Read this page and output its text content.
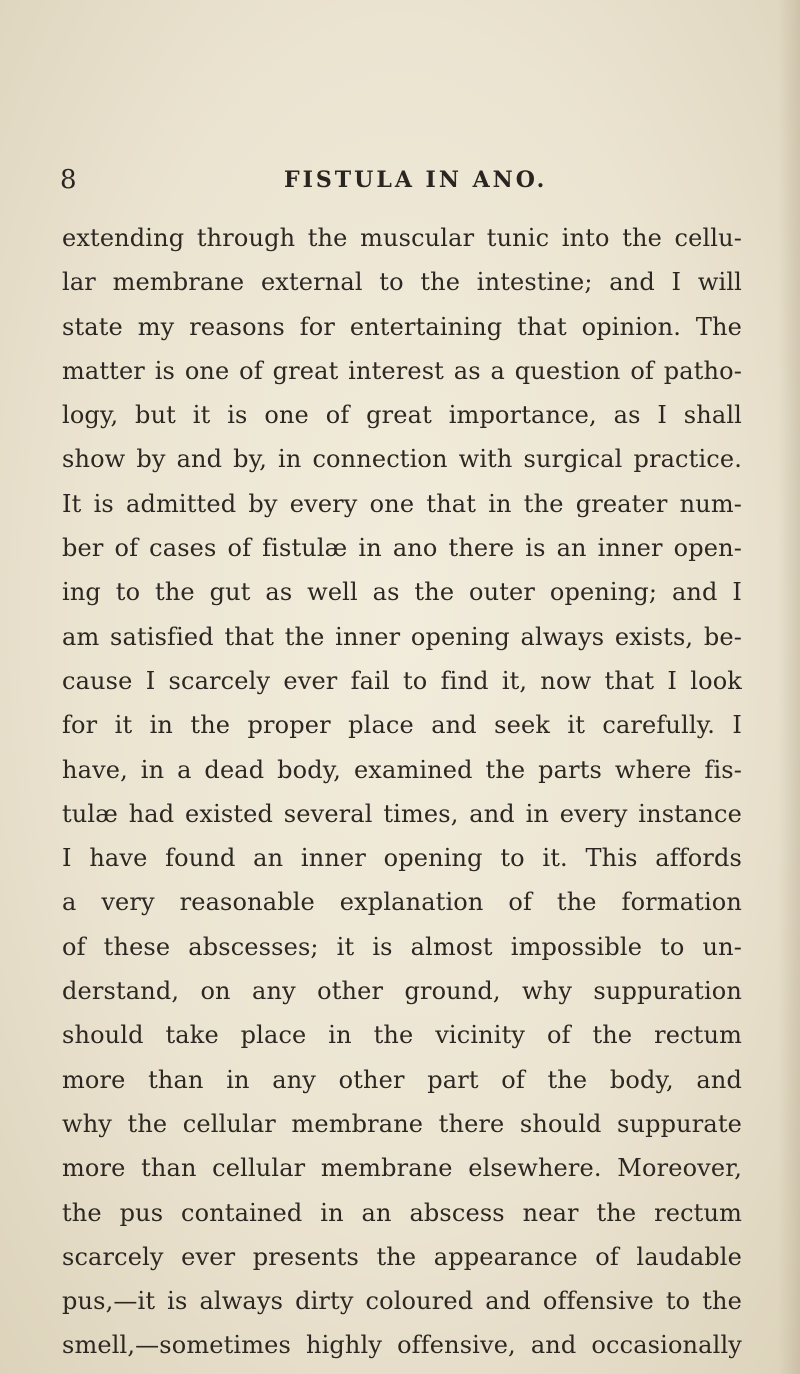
8	FISTULA IN ANO.
extending through the muscular tunic into the cellu-
lar membrane external to the intestine; and I will
state my reasons for entertaining that opinion. The
matter is one of great interest as a question of patho-
logy, but it is one of great importance, as I shall
show by and by, in connection with surgical practice.
It is admitted by every one that in the greater num-
ber of cases of fistulæ in ano there is an inner open-
ing to the gut as well as the outer opening; and I
am satisfied that the inner opening always exists, be-
cause I scarcely ever fail to find it, now that I look
for it in the proper place and seek it carefully. I
have, in a dead body, examined the parts where fis-
tulæ had existed several times, and in every instance
I have found an inner opening to it. This affords
a very reasonable explanation of the formation
of these abscesses; it is almost impossible to un-
derstand, on any other ground, why suppuration
should take place in the vicinity of the rectum
more than in any other part of the body, and
why the cellular membrane there should suppurate
more than cellular membrane elsewhere. Moreover,
the pus contained in an abscess near the rectum
scarcely ever presents the appearance of laudable
pus,—it is always dirty coloured and offensive to the
smell,—sometimes highly offensive, and occasionally
